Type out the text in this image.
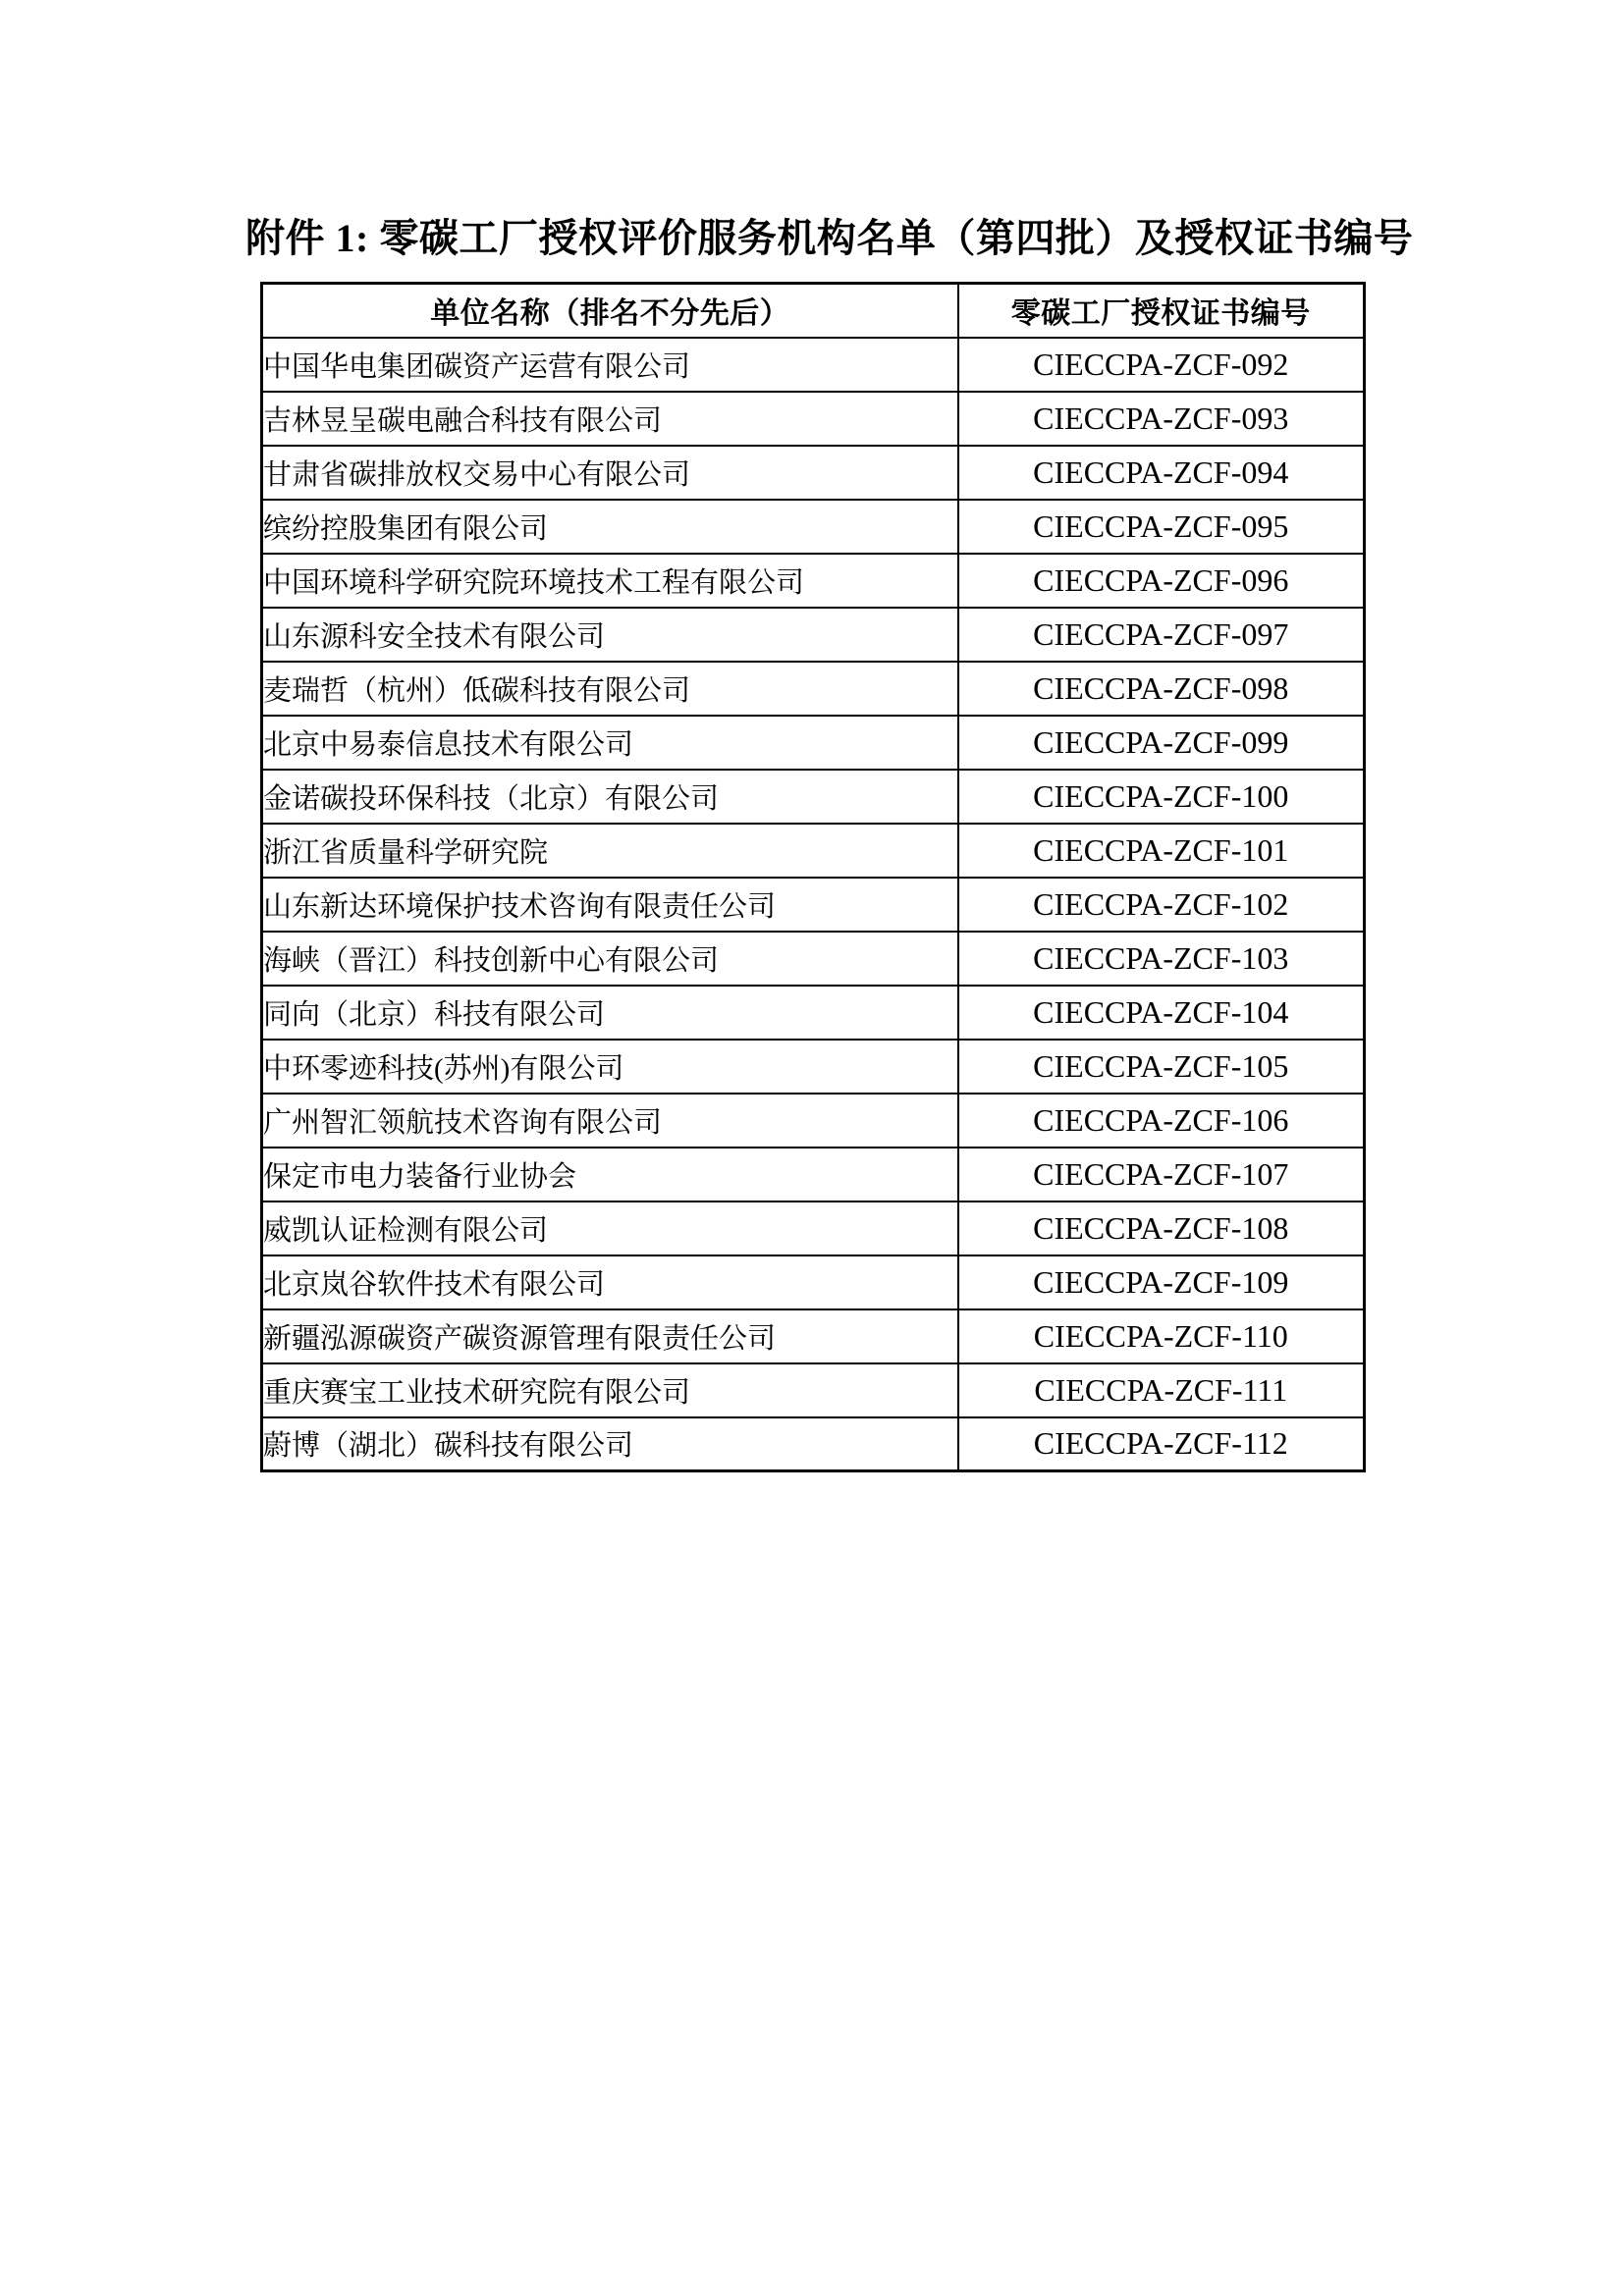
附件 1: 零碳工厂授权评价服务机构名单（第四批）及授权证书编号
单位名称（排名不分先后）	零碳工厂授权证书编号
中国华电集团碳资产运营有限公司	CIECCPA-ZCF-092
吉林昱呈碳电融合科技有限公司	CIECCPA-ZCF-093
甘肃省碳排放权交易中心有限公司	CIECCPA-ZCF-094
缤纷控股集团有限公司	CIECCPA-ZCF-095
中国环境科学研究院环境技术工程有限公司	CIECCPA-ZCF-096
山东源科安全技术有限公司	CIECCPA-ZCF-097
麦瑞哲（杭州）低碳科技有限公司	CIECCPA-ZCF-098
北京中易泰信息技术有限公司	CIECCPA-ZCF-099
金诺碳投环保科技（北京）有限公司	CIECCPA-ZCF-100
浙江省质量科学研究院	CIECCPA-ZCF-101
山东新达环境保护技术咨询有限责任公司	CIECCPA-ZCF-102
海峡（晋江）科技创新中心有限公司	CIECCPA-ZCF-103
同向（北京）科技有限公司	CIECCPA-ZCF-104
中环零迹科技(苏州)有限公司	CIECCPA-ZCF-105
广州智汇领航技术咨询有限公司	CIECCPA-ZCF-106
保定市电力装备行业协会	CIECCPA-ZCF-107
威凯认证检测有限公司	CIECCPA-ZCF-108
北京岚谷软件技术有限公司	CIECCPA-ZCF-109
新疆泓源碳资产碳资源管理有限责任公司	CIECCPA-ZCF-110
重庆赛宝工业技术研究院有限公司	CIECCPA-ZCF-111
蔚博（湖北）碳科技有限公司	CIECCPA-ZCF-112
